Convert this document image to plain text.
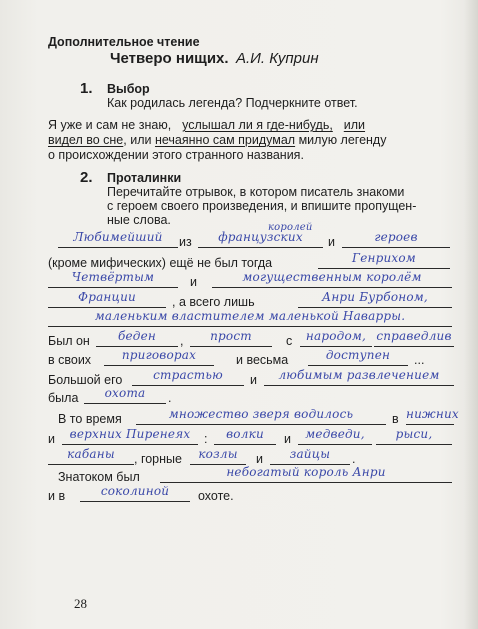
Дополнительное чтение
Четверо нищих. А.И. Куприн
1. Выбор
Как родилась легенда? Подчеркните ответ.
Я уже и сам не знаю, услышал ли я где-нибудь, или
видел во сне, или нечаянно сам придумал милую легенду
о происхождении этого странного названия.
2. Проталинки
Перечитайте отрывок, в котором писатель знакоми
с героем своего произведения, и впишите пропущен-
ные слова.
Любимейший	из
королей
французских	и	героев
(кроме мифических) ещё не был тогда	Генрихом
Четвёртым	и	могущественным королём
Франции	, а всего лишь	Анри Бурбоном,
маленьким властителем маленькой Наварры.
Был он	беден	,	прост	с	народом, справедлив
в своих	приговорах	и весьма	доступен	...
Большой его	страстью	и	любимым развлечением
была	охота	.
В то время	множество зверя водилось	в нижних
и	верхних Пиренеях	:	волки	и	медведи,	рыси,
кабаны	, горные	козлы	и	зайцы	.
Знатоком был	небогатый король Анри
и в	соколиной	охоте.
28
